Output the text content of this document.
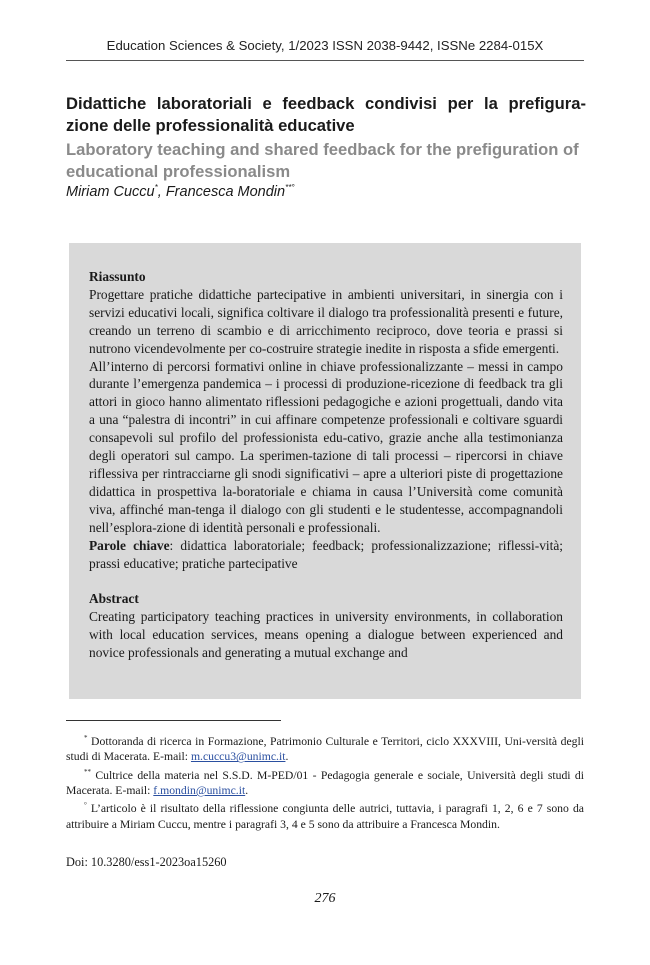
Education Sciences & Society, 1/2023 ISSN 2038-9442, ISSNe 2284-015X
Didattiche laboratoriali e feedback condivisi per la prefigura-zione delle professionalità educative
Laboratory teaching and shared feedback for the prefiguration of educational professionalism
Miriam Cuccu*, Francesca Mondin**°

Riassunto

Progettare pratiche didattiche partecipative in ambienti universitari, in sinergia con i servizi educativi locali, significa coltivare il dialogo tra professionalità presenti e future, creando un terreno di scambio e di arricchimento reciproco, dove teoria e prassi si nutrono vicendevolmente per co-costruire strategie inedite in risposta a sfide emergenti.

All’interno di percorsi formativi online in chiave professionalizzante – messi in campo durante l’emergenza pandemica – i processi di produzione-ricezione di feedback tra gli attori in gioco hanno alimentato riflessioni pedagogiche e azioni progettuali, dando vita a una “palestra di incontri” in cui affinare competenze professionali e coltivare sguardi consapevoli sul profilo del professionista edu-cativo, grazie anche alla testimonianza degli operatori sul campo. La sperimen-tazione di tali processi – ripercorsi in chiave riflessiva per rintracciarne gli snodi significativi – apre a ulteriori piste di progettazione didattica in prospettiva la-boratoriale e chiama in causa l’Università come comunità viva, affinché man-tenga il dialogo con gli studenti e le studentesse, accompagnandoli nell’esplora-zione di identità personali e professionali.

Parole chiave: didattica laboratoriale; feedback; professionalizzazione; riflessi-vità; prassi educative; pratiche partecipative

Abstract

Creating participatory teaching practices in university environments, in collaboration with local education services, means opening a dialogue between experienced and novice professionals and generating a mutual exchange and

* Dottoranda di ricerca in Formazione, Patrimonio Culturale e Territori, ciclo XXXVIII, Uni-versità degli studi di Macerata. E-mail: m.cuccu3@unimc.it.

** Cultrice della materia nel S.S.D. M-PED/01 - Pedagogia generale e sociale, Università degli studi di Macerata. E-mail: f.mondin@unimc.it.

° L’articolo è il risultato della riflessione congiunta delle autrici, tuttavia, i paragrafi 1, 2, 6 e 7 sono da attribuire a Miriam Cuccu, mentre i paragrafi 3, 4 e 5 sono da attribuire a Francesca Mondin.

Doi: 10.3280/ess1-2023oa15260
276
